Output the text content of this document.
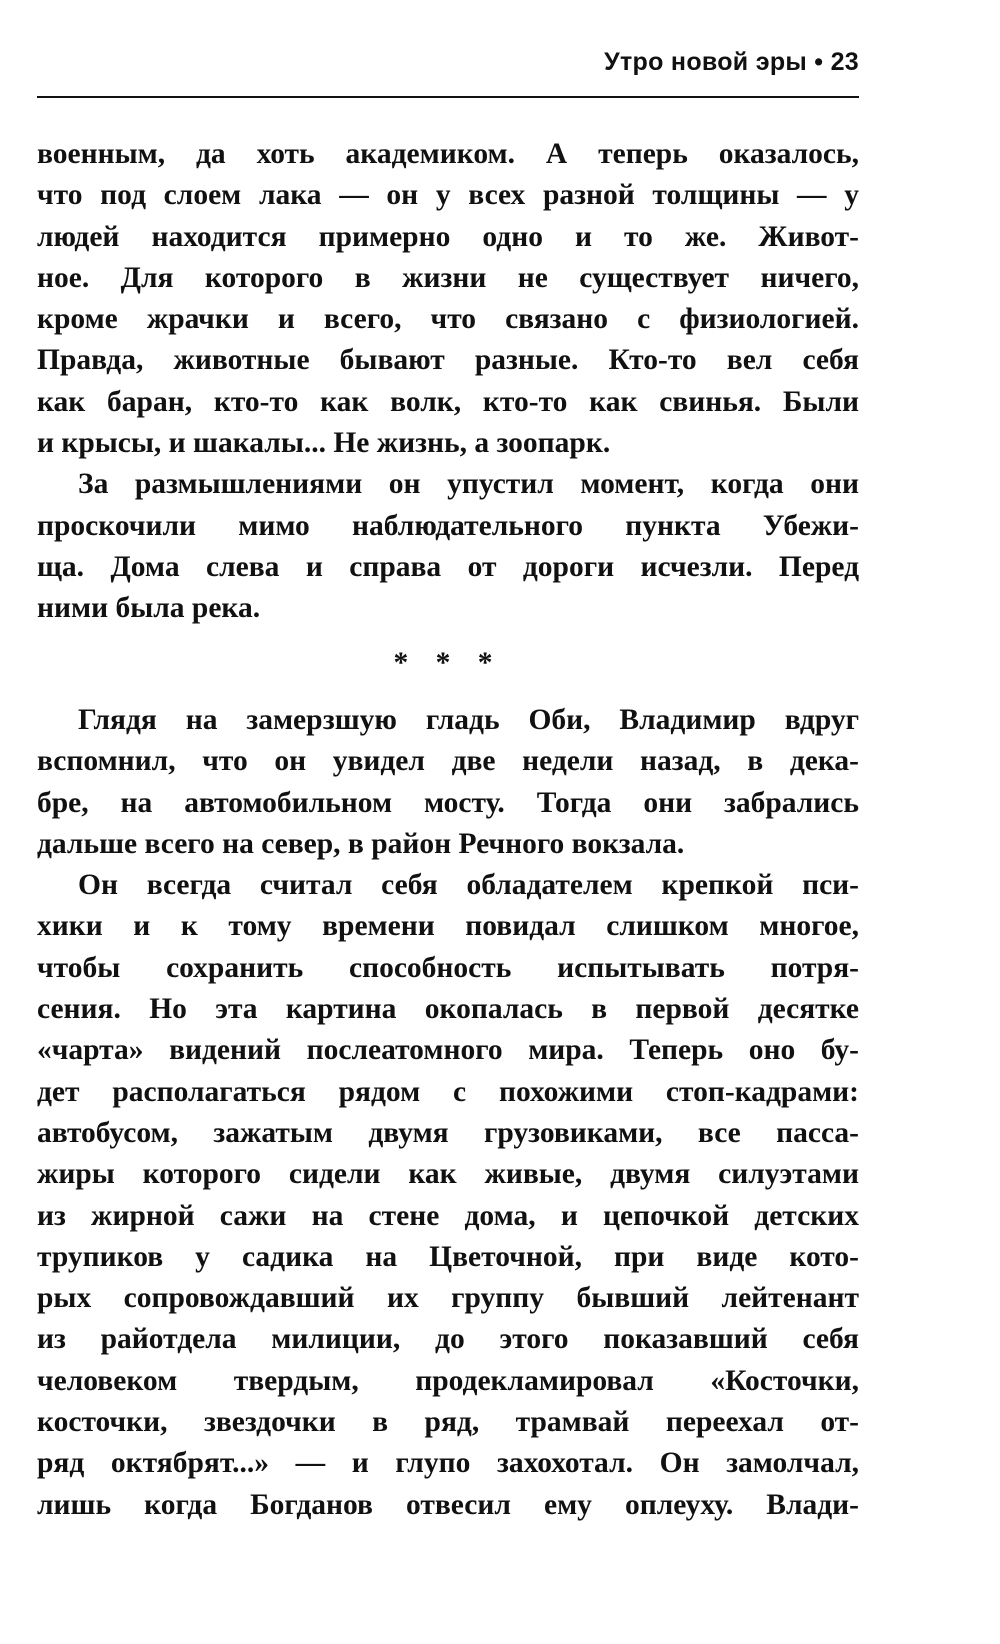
Утро новой эры • 23
военным, да хоть академиком. А теперь оказалось,
что под слоем лака — он у всех разной толщины — у
людей находится примерно одно и то же. Живот-
ное. Для которого в жизни не существует ничего,
кроме жрачки и всего, что связано с физиологией.
Правда, животные бывают разные. Кто-то вел себя
как баран, кто-то как волк, кто-то как свинья. Были
и крысы, и шакалы... Не жизнь, а зоопарк.
За размышлениями он упустил момент, когда они
проскочили мимо наблюдательного пункта Убежи-
ща. Дома слева и справа от дороги исчезли. Перед
ними была река.
* * *
Глядя на замерзшую гладь Оби, Владимир вдруг
вспомнил, что он увидел две недели назад, в дека-
бре, на автомобильном мосту. Тогда они забрались
дальше всего на север, в район Речного вокзала.
Он всегда считал себя обладателем крепкой пси-
хики и к тому времени повидал слишком многое,
чтобы сохранить способность испытывать потря-
сения. Но эта картина окопалась в первой десятке
«чарта» видений послеатомного мира. Теперь оно бу-
дет располагаться рядом с похожими стоп-кадрами:
автобусом, зажатым двумя грузовиками, все пасса-
жиры которого сидели как живые, двумя силуэтами
из жирной сажи на стене дома, и цепочкой детских
трупиков у садика на Цветочной, при виде кото-
рых сопровождавший их группу бывший лейтенант
из райотдела милиции, до этого показавший себя
человеком твердым, продекламировал «Косточки,
косточки, звездочки в ряд, трамвай переехал от-
ряд октябрят...» — и глупо захохотал. Он замолчал,
лишь когда Богданов отвесил ему оплеуху. Влади-
